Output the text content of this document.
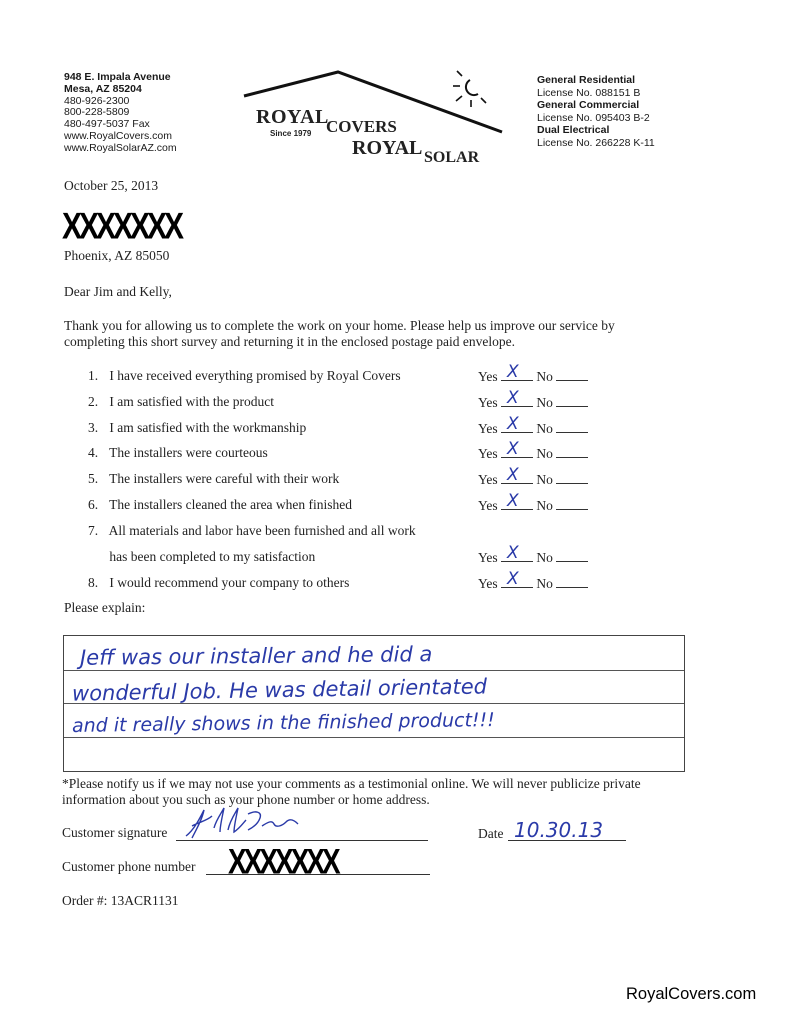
948 E. Impala Avenue
Mesa, AZ 85204
480-926-2300
800-228-5809
480-497-5037 Fax
www.RoyalCovers.com
www.RoyalSolarAZ.com
ROYAL
COVERS
Since 1979
ROYAL SOLAR
General Residential
License No. 088151 B
General Commercial
License No. 095403 B-2
Dual Electrical
License No. 266228 K-11
October 25, 2013
XXXXXXX
Phoenix, AZ 85050
Dear Jim and Kelly,
Thank you for allowing us to complete the work on your home. Please help us improve our service by
completing this short survey and returning it in the enclosed postage paid envelope.
1. I have received everything promised by Royal Covers	Yes X No
2. I am satisfied with the product	Yes X No
3. I am satisfied with the workmanship	Yes X No
4. The installers were courteous	Yes X No
5. The installers were careful with their work	Yes X No
6. The installers cleaned the area when finished	Yes X No
7. All materials and labor have been furnished and all work
has been completed to my satisfaction	Yes X No
8. I would recommend your company to others	Yes X No
Please explain:
Jeff was our installer and he did a
wonderful Job. He was detail orientated
and it really shows in the finished product!!!
*Please notify us if we may not use your comments as a testimonial online. We will never publicize private
information about you such as your phone number or home address.
Customer signature	Date 10.30.13
Customer phone number XXXXXXX
Order #: 13ACR1131
RoyalCovers.com
